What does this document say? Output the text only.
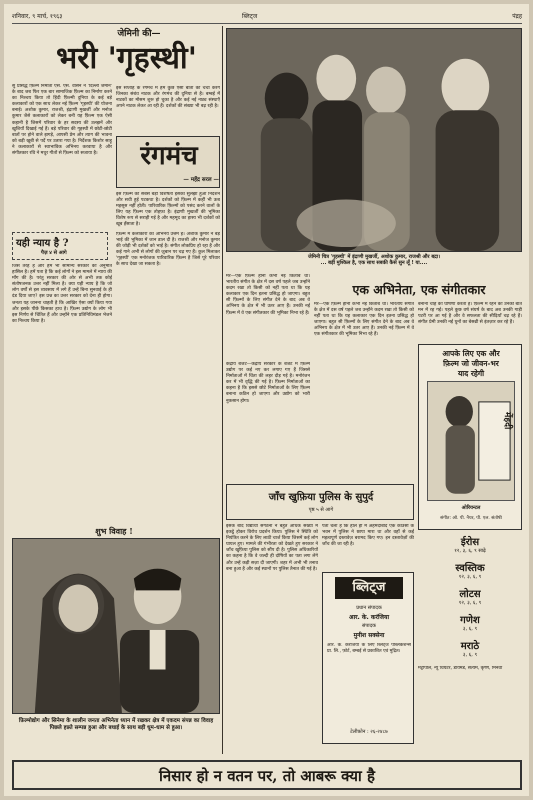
शनिवार, ९ मार्च, १९६३	ब्लिट्ज	पंद्रह
जेमिनी की—
भरी 'गृहस्थी'
सु प्रसिद्ध फ़िल्म निर्माता एस. एस. वासन ने 'दिल्ली जमाने' के बाद जब फिर एक बार सामाजिक फ़िल्म का निर्माण करने का निश्चय किया तो हिंदी फ़िल्मी दुनिया के कई बड़े कलाकारों को एक साथ लेकर नई फ़िल्म 'गृहस्थी' की योजना बनाई। अशोक कुमार, राजश्री, इंद्राणी मुखर्जी और मनोज कुमार जैसे कलाकारों को लेकर बनी यह फ़िल्म एक ऐसी कहानी है जिसमें परिवार के हर सदस्य की उलझनें और खुशियाँ दिखाई गई हैं। बड़े परिवार की गृहस्थी में छोटी-छोटी बातों पर होने वाले झगड़े, आपसी प्रेम और त्याग की भावना को बड़ी खूबी से पर्दे पर उतारा गया है। निर्देशक किशोर साहू ने कलाकारों से स्वाभाविक अभिनय करवाया है और संगीतकार रवि ने मधुर गीतों से फ़िल्म को सजाया है।	रंगमंच
— महेंद्र सरल —
इस सप्ताह के रंगमंच में हम कुछ ऐसी बातों की चर्चा करेंगे जिनका संबंध नाटक और रंगमंच की दुनिया से है। बम्बई में नाटकों का मौसम शुरू हो चुका है और कई नई नाट्य संस्थाएँ अपने नाटक लेकर आ रही हैं। दर्शकों की संख्या भी बढ़ रही है।
इस फ़िल्म की सबसे बड़ी विशेषता इसका सुलझा हुआ निर्देशन और सधी हुई पटकथा है। दर्शकों को फ़िल्म में कहीं भी ऊब महसूस नहीं होती। पारिवारिक फ़िल्मों को पसंद करने वालों के लिए यह फ़िल्म एक तोहफ़ा है। इंद्राणी मुखर्जी की भूमिका विशेष रूप से सराही गई है और महमूद का हास्य भी दर्शकों को खूब हँसाता है।
यही न्याय है ?
पैज़ ४ से आगे
जिस तरह हैं और हम भी सामान्य सरकार की अनुमति हासिल है। हमें पता है कि कई लोगों ने इस मामले में न्याय की माँग की है। परंतु सरकार की ओर से अभी तक कोई संतोषजनक उत्तर नहीं मिला है। क्या यही न्याय है कि जो लोग वर्षों से इस व्यवसाय में लगे हैं उन्हें बिना सुनवाई के ही दंड दिया जाए? इस प्रश्न का उत्तर सरकार को देना ही होगा। जनता यह जानना चाहती है कि आखिर ऐसा क्यों किया गया और इसके पीछे किसका हाथ है। फ़िल्म उद्योग के लोग भी इस निर्णय से चिंतित हैं और उन्होंने एक प्रतिनिधिमंडल भेजने का निश्चय किया है।
फ़िल्म में कलाकारों का अभिनय उत्तम है। अशोक कुमार ने बड़े भाई की भूमिका में जान डाल दी है। राजश्री और मनोज कुमार की जोड़ी भी दर्शकों को भाई है। संगीत लोकप्रिय हो रहा है और कई गाने अभी से लोगों की ज़ुबान पर चढ़ गए हैं। कुल मिलाकर 'गृहस्थी' एक मनोरंजक पारिवारिक फ़िल्म है जिसे पूरे परिवार के साथ देखा जा सकता है।
जेमिनी चित्र 'गृहस्थी' में इंद्राणी मुखर्जी, अशोक कुमार, राजश्री और बद्रा।
... बड़ी मुश्किल है, एक साथ सबकी कैसे सुन लूँ ! या....
एक अभिनेता, एक संगीतकार
मेरे—एक फ़िल्म होनी कभी नई किताब था। भारतीय संगीत के क्षेत्र में दस वर्ष पहले जब उन्होंने कदम रखा तो किसी को नहीं पता था कि यह कलाकार एक दिन इतना प्रसिद्ध हो जाएगा। बहुत सी फ़िल्मों के लिए संगीत देने के बाद अब वे अभिनय के क्षेत्र में भी उतर आए हैं। उनकी नई फ़िल्म में वे एक संगीतकार की भूमिका निभा रहे हैं।
केंद्रीय बजट—केंद्रीय सरकार के बजट में फ़िल्म उद्योग पर कई नए कर लगाए गए हैं जिससे निर्माताओं में चिंता की लहर दौड़ गई है। मनोरंजन कर में भी वृद्धि की गई है। फ़िल्म निर्माताओं का कहना है कि इससे छोटे निर्माताओं के लिए फ़िल्म बनाना कठिन हो जाएगा और उद्योग को भारी नुकसान होगा।
मेरे—एक फ़िल्म होनी कभी नई किताब था। भारतीय संगीत के क्षेत्र में दस वर्ष पहले जब उन्होंने कदम रखा तो किसी को नहीं पता था कि यह कलाकार एक दिन इतना प्रसिद्ध हो जाएगा। बहुत सी फ़िल्मों के लिए संगीत देने के बाद अब वे अभिनय के क्षेत्र में भी उतर आए हैं। उनकी नई फ़िल्म में वे एक संगीतकार की भूमिका निभा रहे हैं।
बनाना चाहे की घोषणा करता है। फ़िल्म में रहने की उनकी बात मन में रह गई। पहले कुछ वर्ष संघर्ष के बाद अब उनकी गाड़ी पटरी पर आ गई है और वे सफलता की सीढ़ियाँ चढ़ रहे हैं। संगीत प्रेमी उनकी नई धुनों का बेसब्री से इंतज़ार कर रहे हैं।
आपके लिए एक और
फ़िल्म जो जीवन-भर
याद रहेगी
मेंहदी
ओरियन्टल
संगीत: ओ. पी. नैयर, पी. एल. संतोषी
ईरोस
१२, ३, ६, ९ साढ़े
स्वस्तिक
१२, ३, ६, ९
लोटस
१२, ३, ६, ९
गणेश
३, ६, ९
मराठे
३, ६, ९
मेट्रोपोल, न्यू थियेटर, डायमंड, सत्यम, कृष्ण, मिनर्वा
जाँच खुफ़िया पुलिस के सुपुर्द
पृष्ठ ५ से आगे
इसके बाद विद्यार्थी संगठनों ने बहुत अधिक संख्या में इकट्ठे होकर विरोध प्रदर्शन किया। पुलिस ने स्थिति को नियंत्रित करने के लिए लाठी चार्ज किया जिसमें कई लोग घायल हुए। मामले की गंभीरता को देखते हुए सरकार ने जाँच खुफ़िया पुलिस को सौंप दी है। पुलिस अधिकारियों का कहना है कि वे जल्दी ही दोषियों का पता लगा लेंगे और उन्हें कड़ी सज़ा दी जाएगी। शहर में अभी भी तनाव बना हुआ है और कई स्थानों पर पुलिस तैनात की गई है।
पता चला है कि हाल ही में अहमदाबाद एक काउंसी के भवन में पुलिस ने छापा मारा था और वहाँ से कई महत्वपूर्ण दस्तावेज़ बरामद किए गए। इन दस्तावेज़ों की जाँच की जा रही है।
ब्लिट्ज
प्रधान संपादक
आर. के. करंजिया
संपादक
मुनीश सक्सेना
आर. के. करंजिया के लिए ब्लिट्ज पब्लिकेशन्स प्रा. लि., फ़ोर्ट, बम्बई से प्रकाशित एवं मुद्रित।
टेलीफ़ोन : २६-२४८७
शुभ विवाह !
फ़िल्मोद्योग और सिनेमा के शालीन जनता अभिनेता ध्यान में रखकर क्षेत्र में एकदम संपन्न का विवाह पिछले हफ़्ते सम्पन्न हुआ और बधाई के साथ बड़ी धूम-धाम से हुआ।
निसार हो न वतन पर, तो आबरू क्या है
